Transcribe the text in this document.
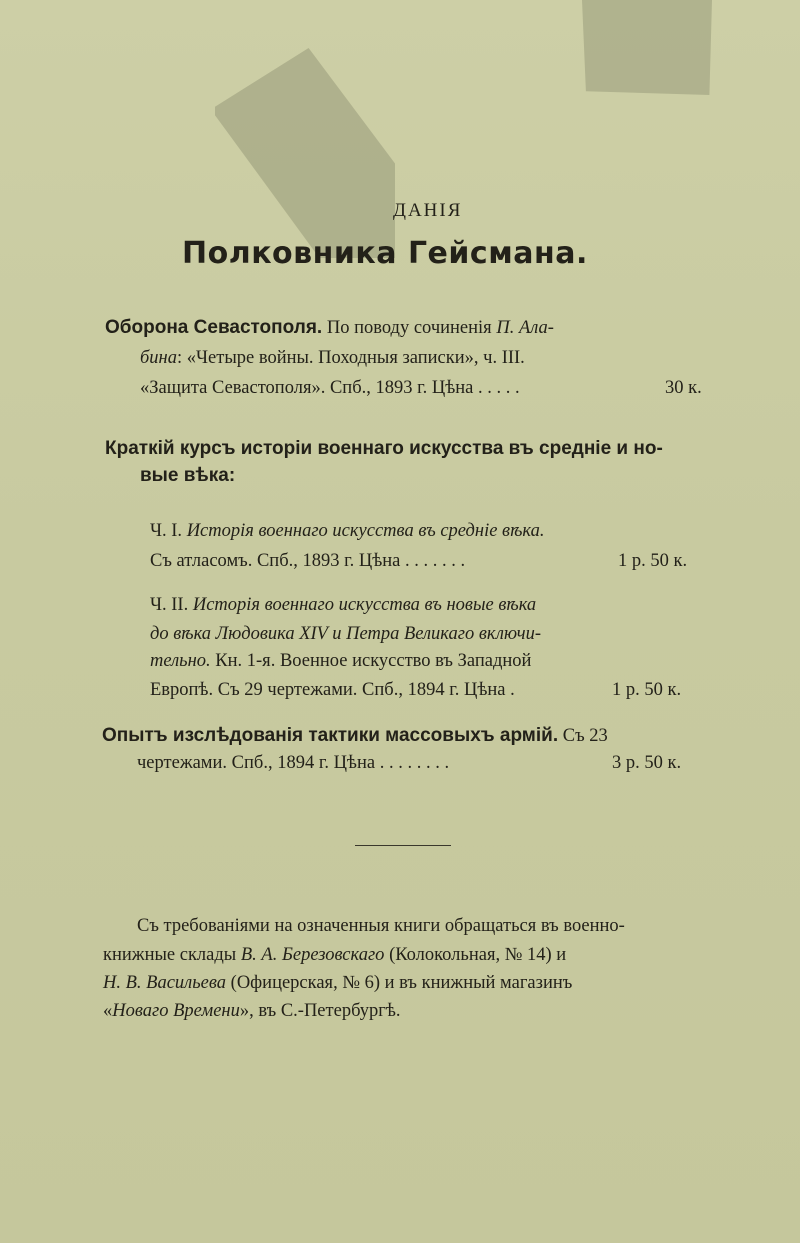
ДАНIЯ
Полковника Гейсмана.
Оборона Севастополя. По поводу сочиненiя П. Ала-
бина: «Четыре войны. Походныя записки», ч. III.
«Защита Севастополя». Спб., 1893 г. Цѣна . . . . .	30 к.
Краткiй курсъ исторiи военнаго искусства въ среднiе и но-
вые вѣка:
Ч. I. Исторiя военнаго искусства въ среднiе вѣка.
Съ атласомъ. Спб., 1893 г. Цѣна . . . . . . .	1 р. 50 к.
Ч. II. Исторiя военнаго искусства въ новые вѣка
до вѣка Людовика XIV и Петра Великаго включи-
тельно. Кн. 1-я. Военное искусство въ Западной
Европѣ. Съ 29 чертежами. Спб., 1894 г. Цѣна .	1 р. 50 к.
Опытъ изслѣдованiя тактики массовыхъ армiй. Съ 23
чертежами. Спб., 1894 г. Цѣна . . . . . . . .	3 р. 50 к.
Съ требованiями на означенныя книги обращаться въ военно-
книжные склады В. А. Березовскаго (Колокольная, № 14) и
Н. В. Васильева (Офицерская, № 6) и въ книжный магазинъ
«Новаго Времени», въ С.-Петербургѣ.
